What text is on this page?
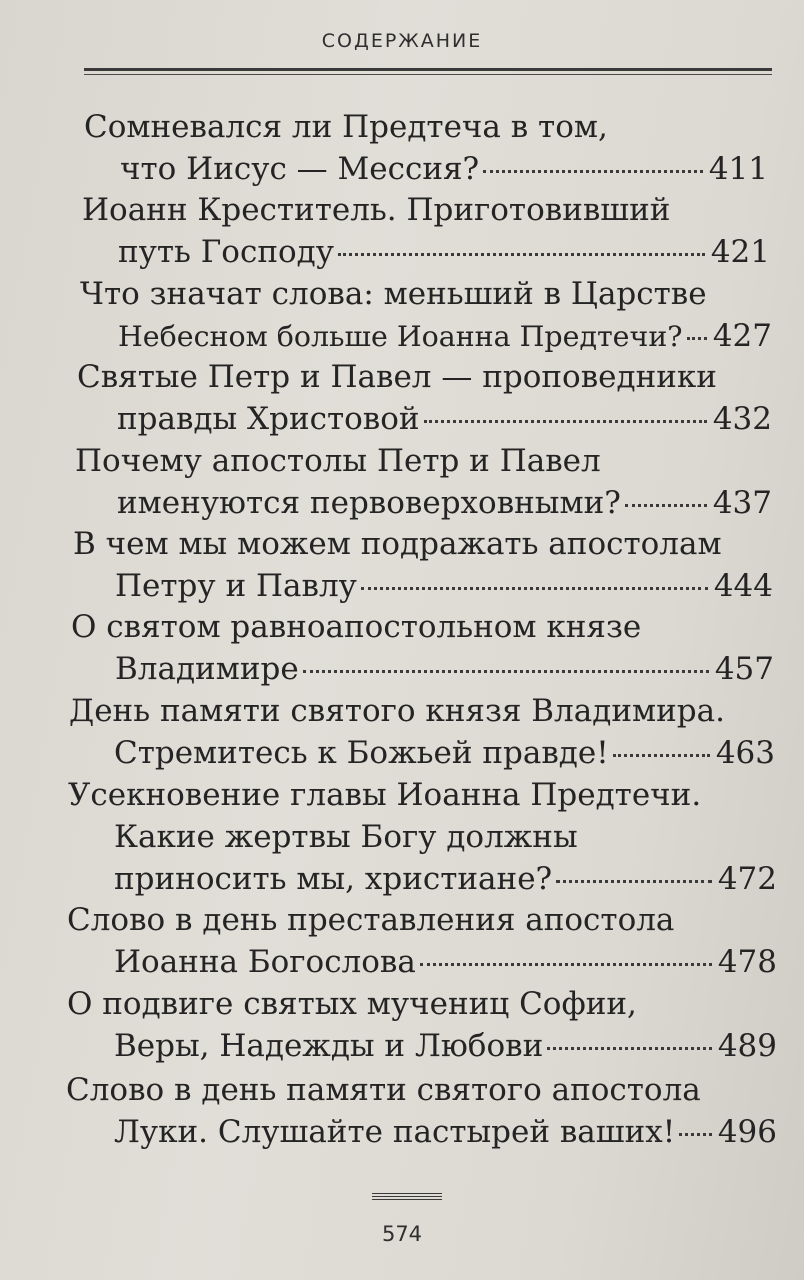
СОДЕРЖАНИЕ
Сомневался ли Предтеча в том,
что Иисус — Мессия?	411
Иоанн Креститель. Приготовивший
путь Господу	421
Что значат слова: меньший в Царстве
Небесном больше Иоанна Предтечи? 427
Святые Петр и Павел — проповедники
правды Христовой	432
Почему апостолы Петр и Павел
именуются первоверховными?	437
В чем мы можем подражать апостолам
Петру и Павлу	444
О святом равноапостольном князе
Владимире	457
День памяти святого князя Владимира.
Стремитесь к Божьей правде!	463
Усекновение главы Иоанна Предтечи.
Какие жертвы Богу должны
приносить мы, христиане?	472
Слово в день преставления апостола
Иоанна Богослова	478
О подвиге святых мучениц Софии,
Веры, Надежды и Любови	489
Слово в день памяти святого апостола
Луки. Слушайте пастырей ваших! 496
574
